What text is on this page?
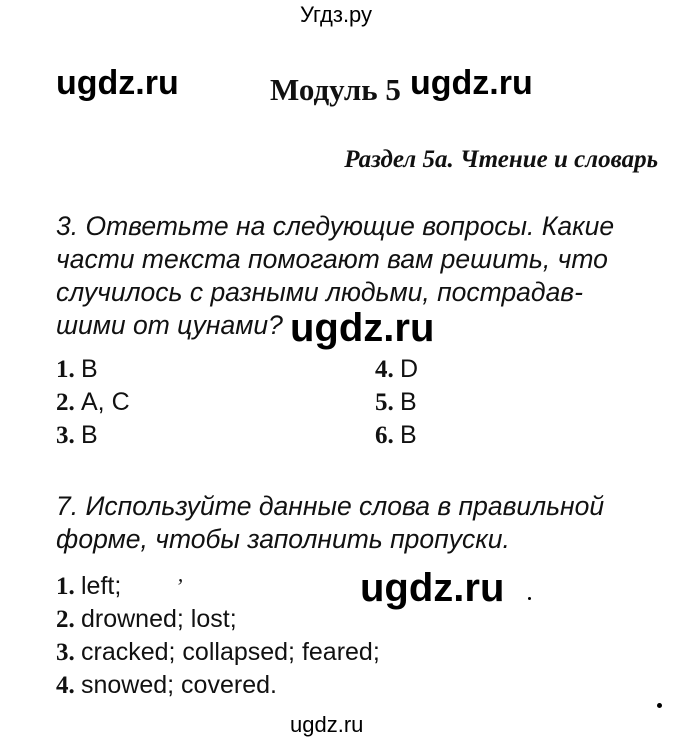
Угдз.ру
ugdz.ru	Модуль 5 ugdz.ru
Раздел 5а. Чтение и словарь
3. Ответьте на следующие вопросы. Какие
части текста помогают вам решить, что
случилось с разными людьми, пострадав-
шими от цунами? ugdz.ru
1. B
2. A, C
3. B
4. D
5. B
6. B
7. Используйте данные слова в правильной
форме, чтобы заполнить пропуски.
1. left; ʼ
2. drowned; lost;
3. cracked; collapsed; feared;
4. snowed; covered.
ugdz.ru
ugdz.ru
